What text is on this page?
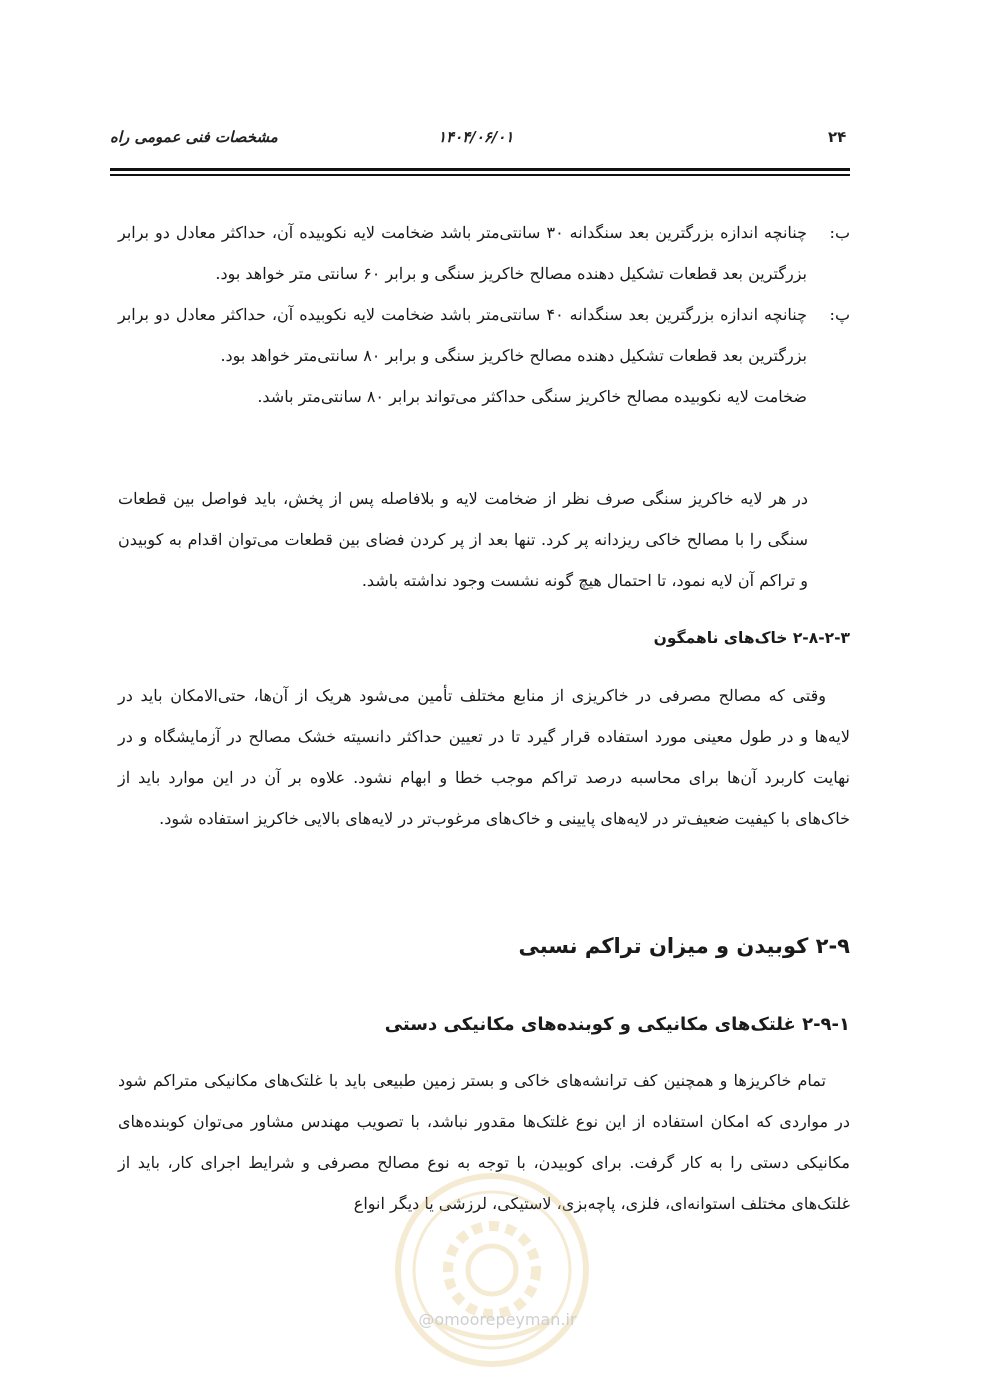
۲۴
۱۴۰۴/۰۶/۰۱
مشخصات فنی عمومی راه
ب:

چنانچه اندازه بزرگترین بعد سنگدانه ۳۰ سانتی‌متر باشد ضخامت لایه نکوبیده آن، حداکثر معادل دو برابر بزرگترین بعد قطعات تشکیل دهنده مصالح خاکریز سنگی و برابر ۶۰ سانتی متر خواهد بود.

پ:

چنانچه اندازه بزرگترین بعد سنگدانه ۴۰ سانتی‌متر باشد ضخامت لایه نکوبیده آن، حداکثر معادل دو برابر بزرگترین بعد قطعات تشکیل دهنده مصالح خاکریز سنگی و برابر ۸۰ سانتی‌متر خواهد بود.

ضخامت لایه نکوبیده مصالح خاکریز سنگی حداکثر می‌تواند برابر ۸۰ سانتی‌متر باشد.

در هر لایه خاکریز سنگی صرف نظر از ضخامت لایه و بلافاصله پس از پخش، باید فواصل بین قطعات سنگی را با مصالح خاکی ریزدانه پر کرد. تنها بعد از پر کردن فضای بین قطعات می‌توان اقدام به کوبیدن و تراکم آن لایه نمود، تا احتمال هیچ گونه نشست وجود نداشته باشد.

۲-۸-۲-۳ خاک‌های ناهمگون

وقتی که مصالح مصرفی در خاکریزی از منابع مختلف تأمین می‌شود هریک از آن‌ها، حتی‌الامکان باید در لایه‌ها و در طول معینی مورد استفاده قرار گیرد تا در تعیین حداکثر دانسیته خشک مصالح در آزمایشگاه و در نهایت کاربرد آن‌ها برای محاسبه درصد تراکم موجب خطا و ابهام نشود. علاوه بر آن در این موارد باید از خاک‌های با کیفیت ضعیف‌تر در لایه‌های پایینی و خاک‌های مرغوب‌تر در لایه‌های بالایی خاکریز استفاده شود.

۲-۹ کوبیدن و میزان تراکم نسبی
۲-۹-۱ غلتک‌های مکانیکی و کوبنده‌های مکانیکی دستی

تمام خاکریزها و همچنین کف ترانشه‌های خاکی و بستر زمین طبیعی باید با غلتک‌های مکانیکی متراکم شود در مواردی که امکان استفاده از این نوع غلتک‌ها مقدور نباشد، با تصویب مهندس مشاور می‌توان کوبنده‌های مکانیکی دستی را به کار گرفت. برای کوبیدن، با توجه به نوع مصالح مصرفی و شرایط اجرای کار، باید از غلتک‌های مختلف استوانه‌ای، فلزی، پاچه‌بزی، لاستیکی، لرزشی یا دیگر انواع

@omoorepeyman.ir
